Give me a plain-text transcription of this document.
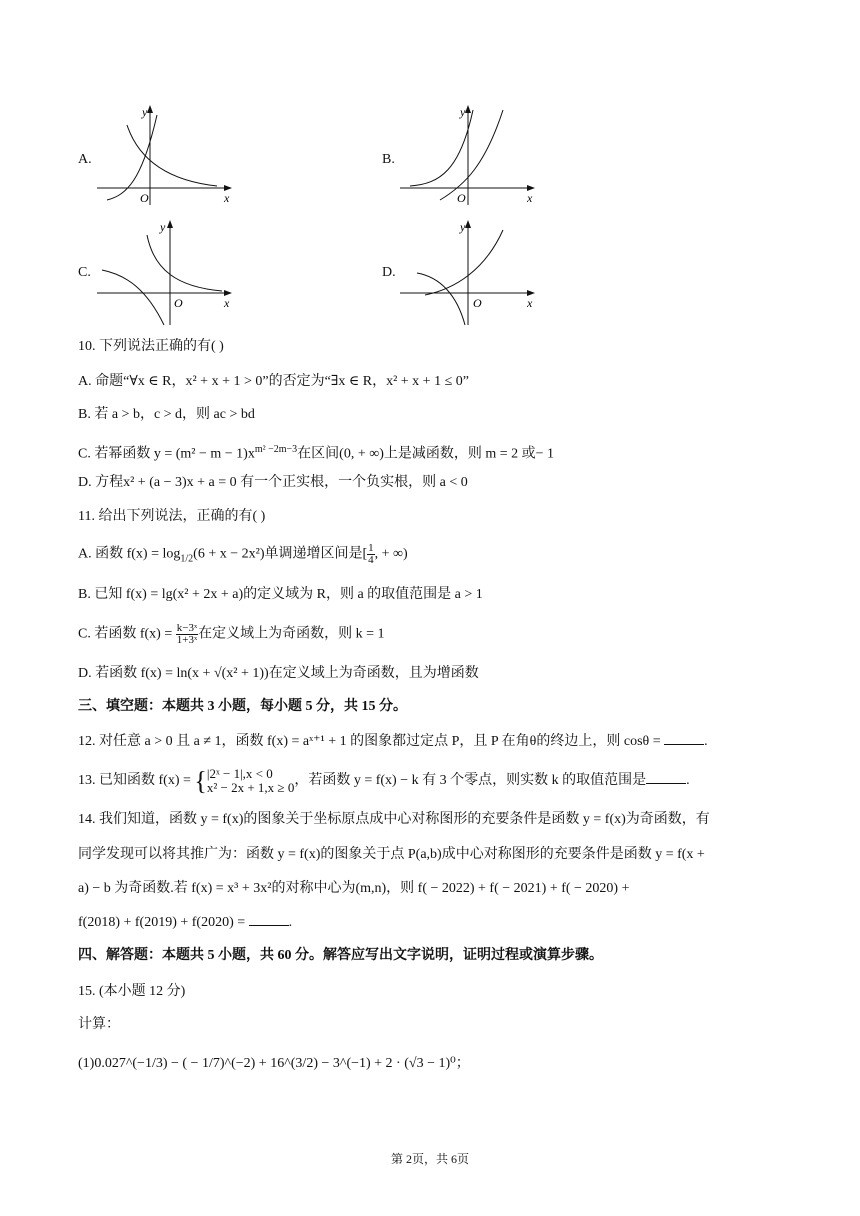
A.	B.
C.	D.
O	x
y
O	x
y
O	x
y
O	x
y
10. 下列说法正确的有( )
A. 命题“∀x ∈ R，x² + x + 1 > 0”的否定为“∃x ∈ R，x² + x + 1 ≤ 0”
B. 若 a > b，c > d，则 ac > bd
C. 若幂函数 $y = (m^2 - m - 1)x^{m^2 -2m-3}$在区间(0, + ∞)上是减函数，则 m = 2 或− 1
D. 方程x² + (a − 3)x + a = 0 有一个正实根，一个负实根，则 a < 0
11. 给出下列说法，正确的有( )
A. 函数 $f(x) = \log_{1/2}(6 + x - 2x^2)$单调递增区间是[ $\frac{1}{4}$ , + ∞)
B. 已知 f(x) = lg(x² + 2x + a)的定义域为 R，则 a 的取值范围是 a > 1
C. 若函数 $f(x) = \frac{\text{k−3ˣ}}{\text{1+3ˣ}}$ 在定义域上为奇函数，则 k = 1
D. 若函数 f(x) = ln(x + √(x² + 1))在定义域上为奇函数，且为增函数
三、填空题：本题共 3 小题，每小题 5 分，共 15 分。
12. 对任意 a > 0 且 a ≠ 1，函数 f(x) = aˣ⁺¹ + 1 的图象都过定点 P，且 P 在角θ的终边上，则 cosθ =	.
13. 已知函数 f(x) = { |2ˣ − 1|,x < 0
x² − 2x + 1,x ≥ 0 ，若函数 y = f(x) − k 有 3 个零点，则实数 k 的取值范围是	.
14. 我们知道，函数 y = f(x)的图象关于坐标原点成中心对称图形的充要条件是函数 y = f(x)为奇函数，有
同学发现可以将其推广为：函数 y = f(x)的图象关于点 P(a,b)成中心对称图形的充要条件是函数 y = f(x +
a) − b 为奇函数.若 f(x) = x³ + 3x²的对称中心为(m,n)，则 f( − 2022) + f( − 2021) + f( − 2020) +
f(2018) + f(2019) + f(2020) =	.
四、解答题：本题共 5 小题，共 60 分。解答应写出文字说明，证明过程或演算步骤。
15. (本小题 12 分)
计算：
(1)0.027^(−1/3) − ( − 1/7)^(−2) + 16^(3/2) − 3^(−1) + 2 · (√3 − 1)⁰；
第 2页，共 6页
